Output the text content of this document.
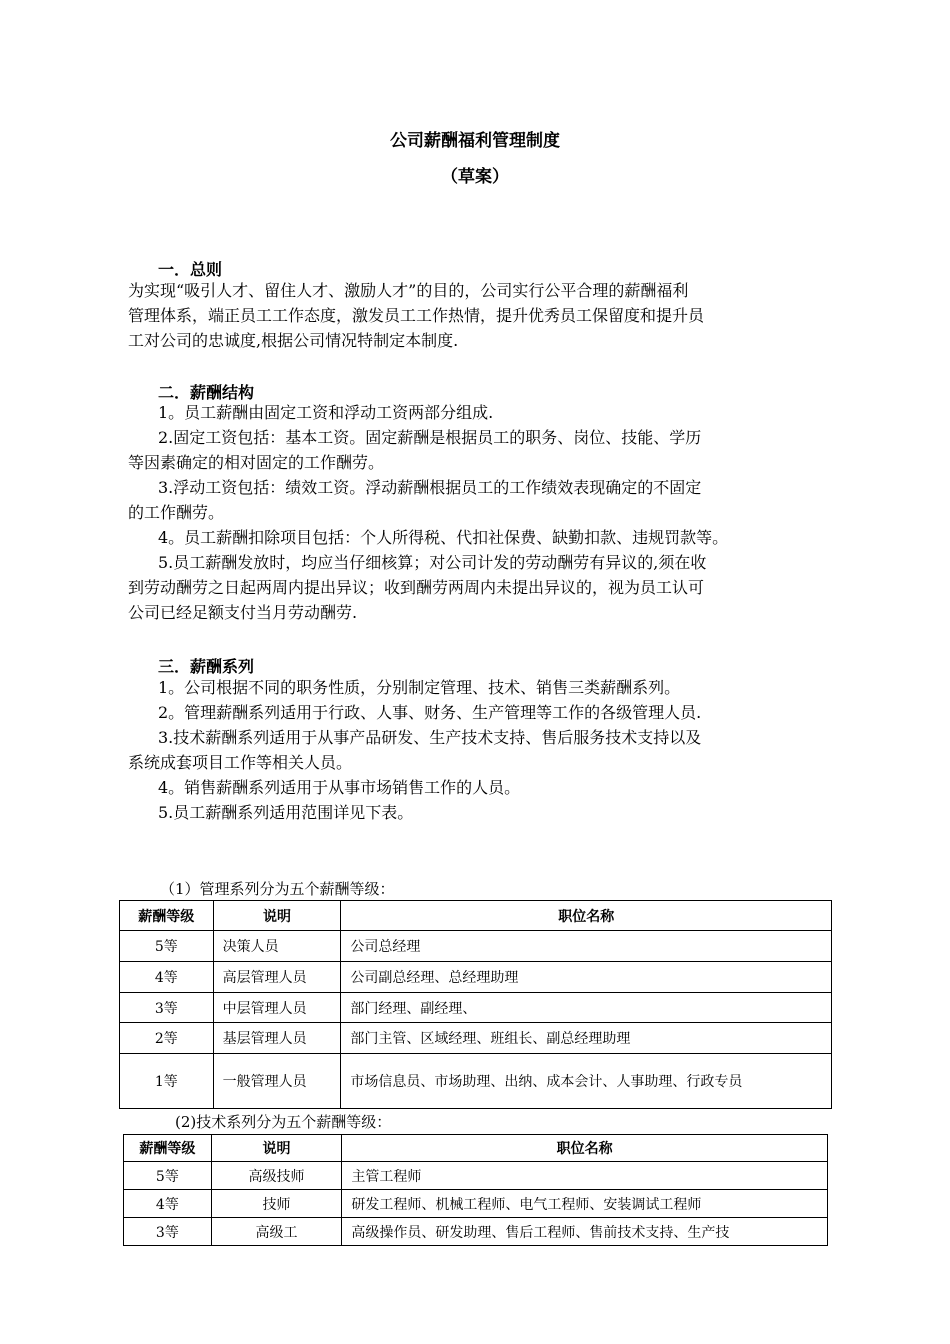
公司薪酬福利管理制度
（草案）
一．总则
为实现“吸引人才、留住人才、激励人才”的目的，公司实行公平合理的薪酬福利
管理体系，端正员工工作态度，激发员工工作热情，提升优秀员工保留度和提升员
工对公司的忠诚度,根据公司情况特制定本制度.
二．薪酬结构
1。员工薪酬由固定工资和浮动工资两部分组成.
2.固定工资包括：基本工资。固定薪酬是根据员工的职务、岗位、技能、学历
等因素确定的相对固定的工作酬劳。
3.浮动工资包括：绩效工资。浮动薪酬根据员工的工作绩效表现确定的不固定
的工作酬劳。
4。员工薪酬扣除项目包括：个人所得税、代扣社保费、缺勤扣款、违规罚款等。
5.员工薪酬发放时，均应当仔细核算；对公司计发的劳动酬劳有异议的,须在收
到劳动酬劳之日起两周内提出异议；收到酬劳两周内未提出异议的，视为员工认可
公司已经足额支付当月劳动酬劳.
三．薪酬系列
1。公司根据不同的职务性质，分别制定管理、技术、销售三类薪酬系列。
2。管理薪酬系列适用于行政、人事、财务、生产管理等工作的各级管理人员.
3.技术薪酬系列适用于从事产品研发、生产技术支持、售后服务技术支持以及
系统成套项目工作等相关人员。
4。销售薪酬系列适用于从事市场销售工作的人员。
5.员工薪酬系列适用范围详见下表。
（1）管理系列分为五个薪酬等级：
薪酬等级	说明	职位名称
5等	决策人员	公司总经理
4等	高层管理人员	公司副总经理、总经理助理
3等	中层管理人员	部门经理、副经理、
2等	基层管理人员	部门主管、区域经理、班组长、副总经理助理
1等	一般管理人员	市场信息员、市场助理、出纳、成本会计、人事助理、行政专员
(2)技术系列分为五个薪酬等级：
薪酬等级	说明	职位名称
5等	高级技师	主管工程师
4等	技师	研发工程师、机械工程师、电气工程师、安装调试工程师
3等	高级工	高级操作员、研发助理、售后工程师、售前技术支持、生产技
